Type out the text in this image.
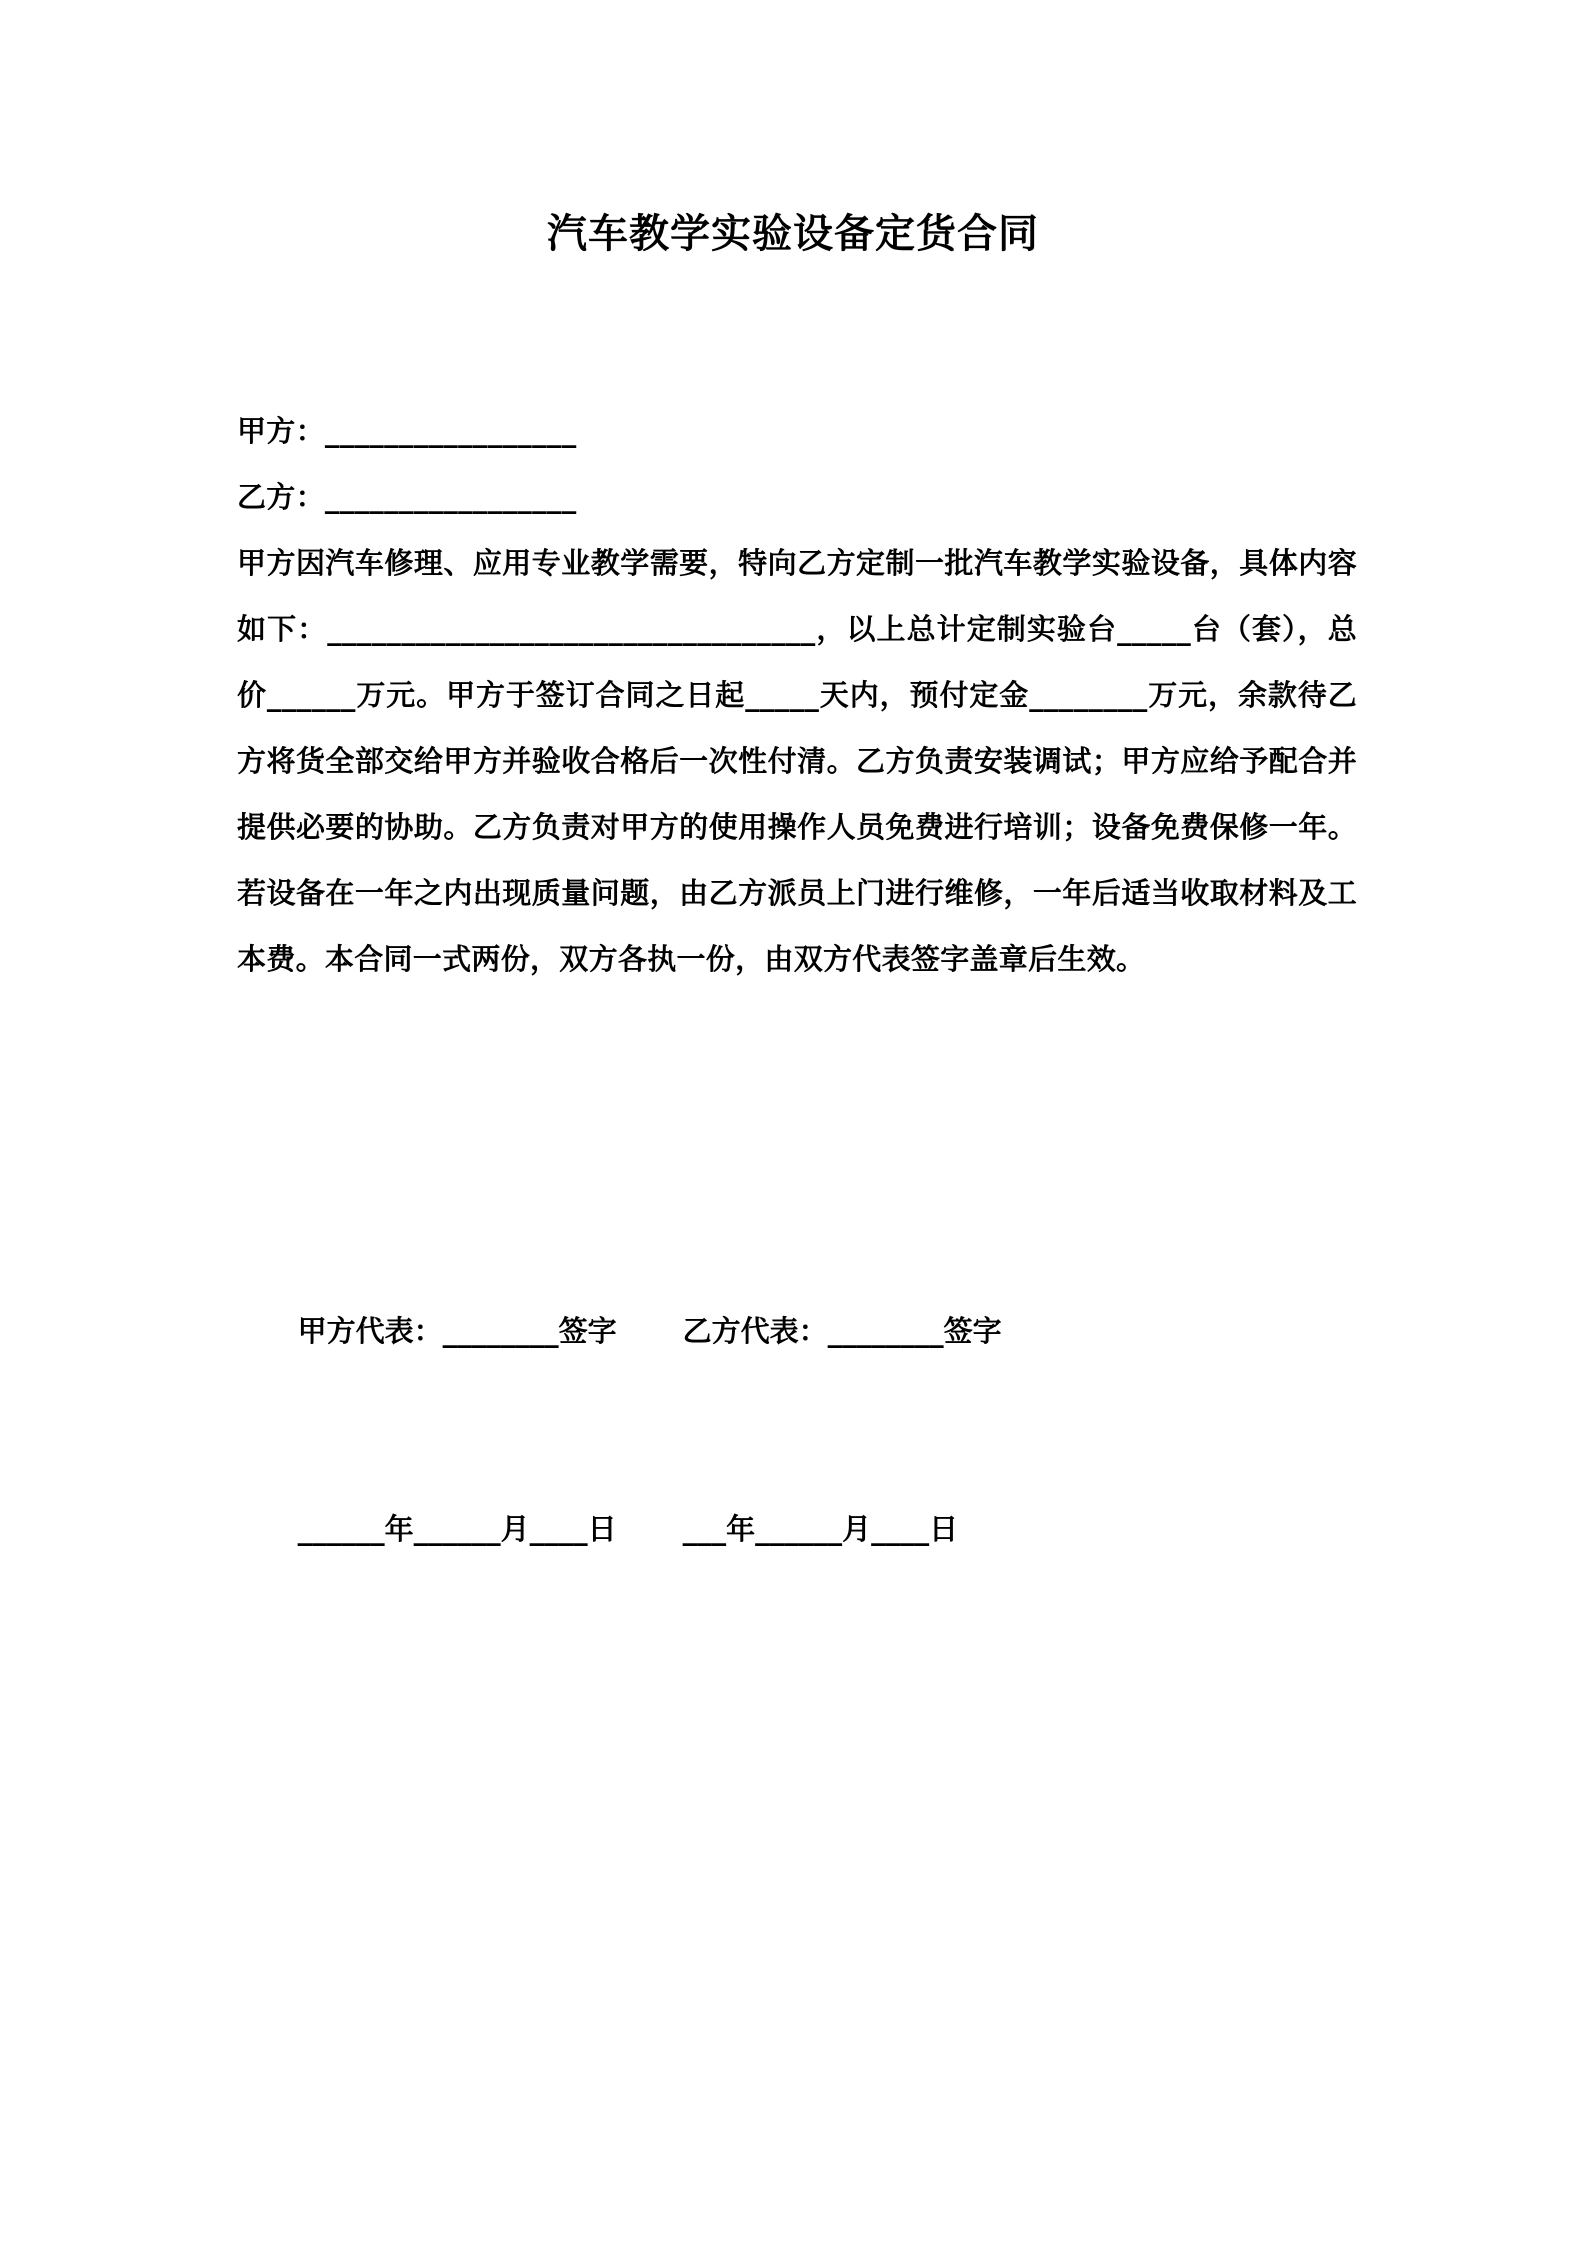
汽车教学实验设备定货合同

甲方：_________________

乙方：_________________

甲方因汽车修理、应用专业教学需要，特向乙方定制一批汽车教学实验设备，具体内容如下：_________________________________，以上总计定制实验台_____台（套），总价______万元。甲方于签订合同之日起_____天内，预付定金________万元，余款待乙方将货全部交给甲方并验收合格后一次性付清。乙方负责安装调试；甲方应给予配合并提供必要的协助。乙方负责对甲方的使用操作人员免费进行培训；设备免费保修一年。若设备在一年之内出现质量问题，由乙方派员上门进行维修，一年后适当收取材料及工本费。本合同一式两份，双方各执一份，由双方代表签字盖章后生效。

甲方代表：________签字 乙方代表：________签字

______年______月____日 ___年______月____日
